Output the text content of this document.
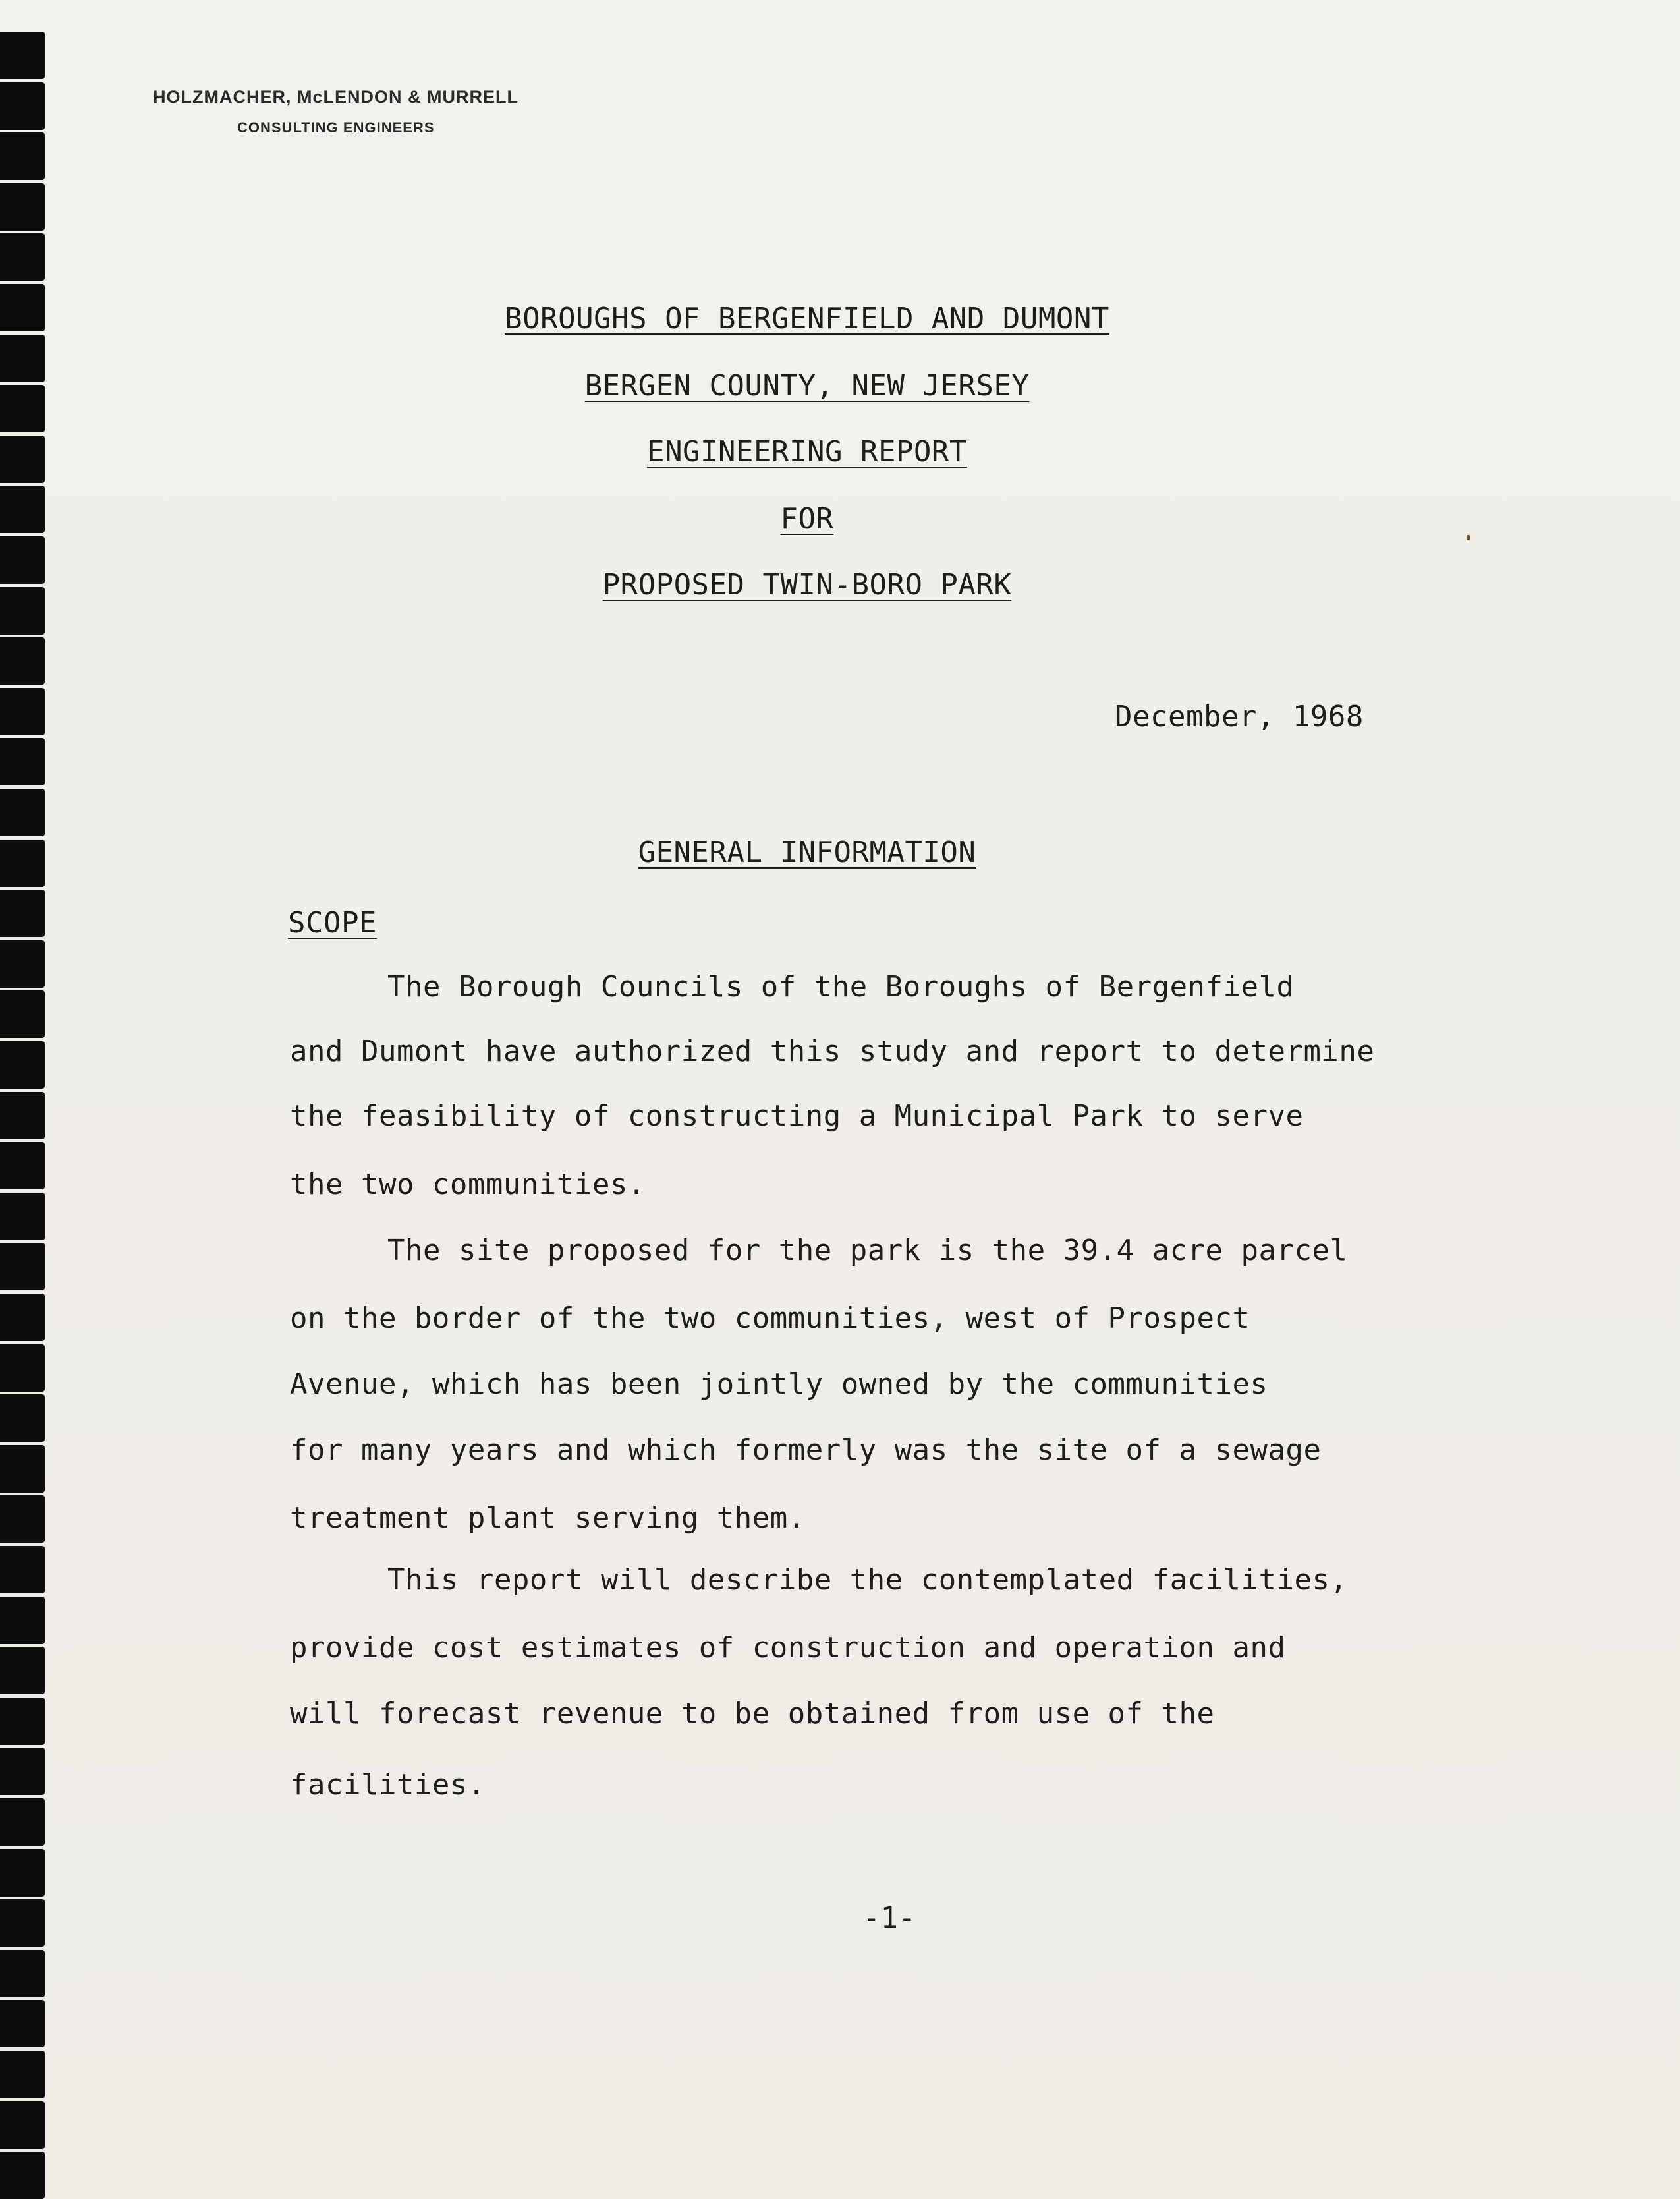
HOLZMACHER, McLENDON & MURRELL
CONSULTING ENGINEERS
BOROUGHS OF BERGENFIELD AND DUMONT
BERGEN COUNTY, NEW JERSEY
ENGINEERING REPORT
FOR
PROPOSED TWIN-BORO PARK
December, 1968
GENERAL INFORMATION
SCOPE
The Borough Councils of the Boroughs of Bergenfield
and Dumont have authorized this study and report to determine
the feasibility of constructing a Municipal Park to serve
the two communities.
The site proposed for the park is the 39.4 acre parcel
on the border of the two communities, west of Prospect
Avenue, which has been jointly owned by the communities
for many years and which formerly was the site of a sewage
treatment plant serving them.
This report will describe the contemplated facilities,
provide cost estimates of construction and operation and
will forecast revenue to be obtained from use of the
facilities.
-1-
